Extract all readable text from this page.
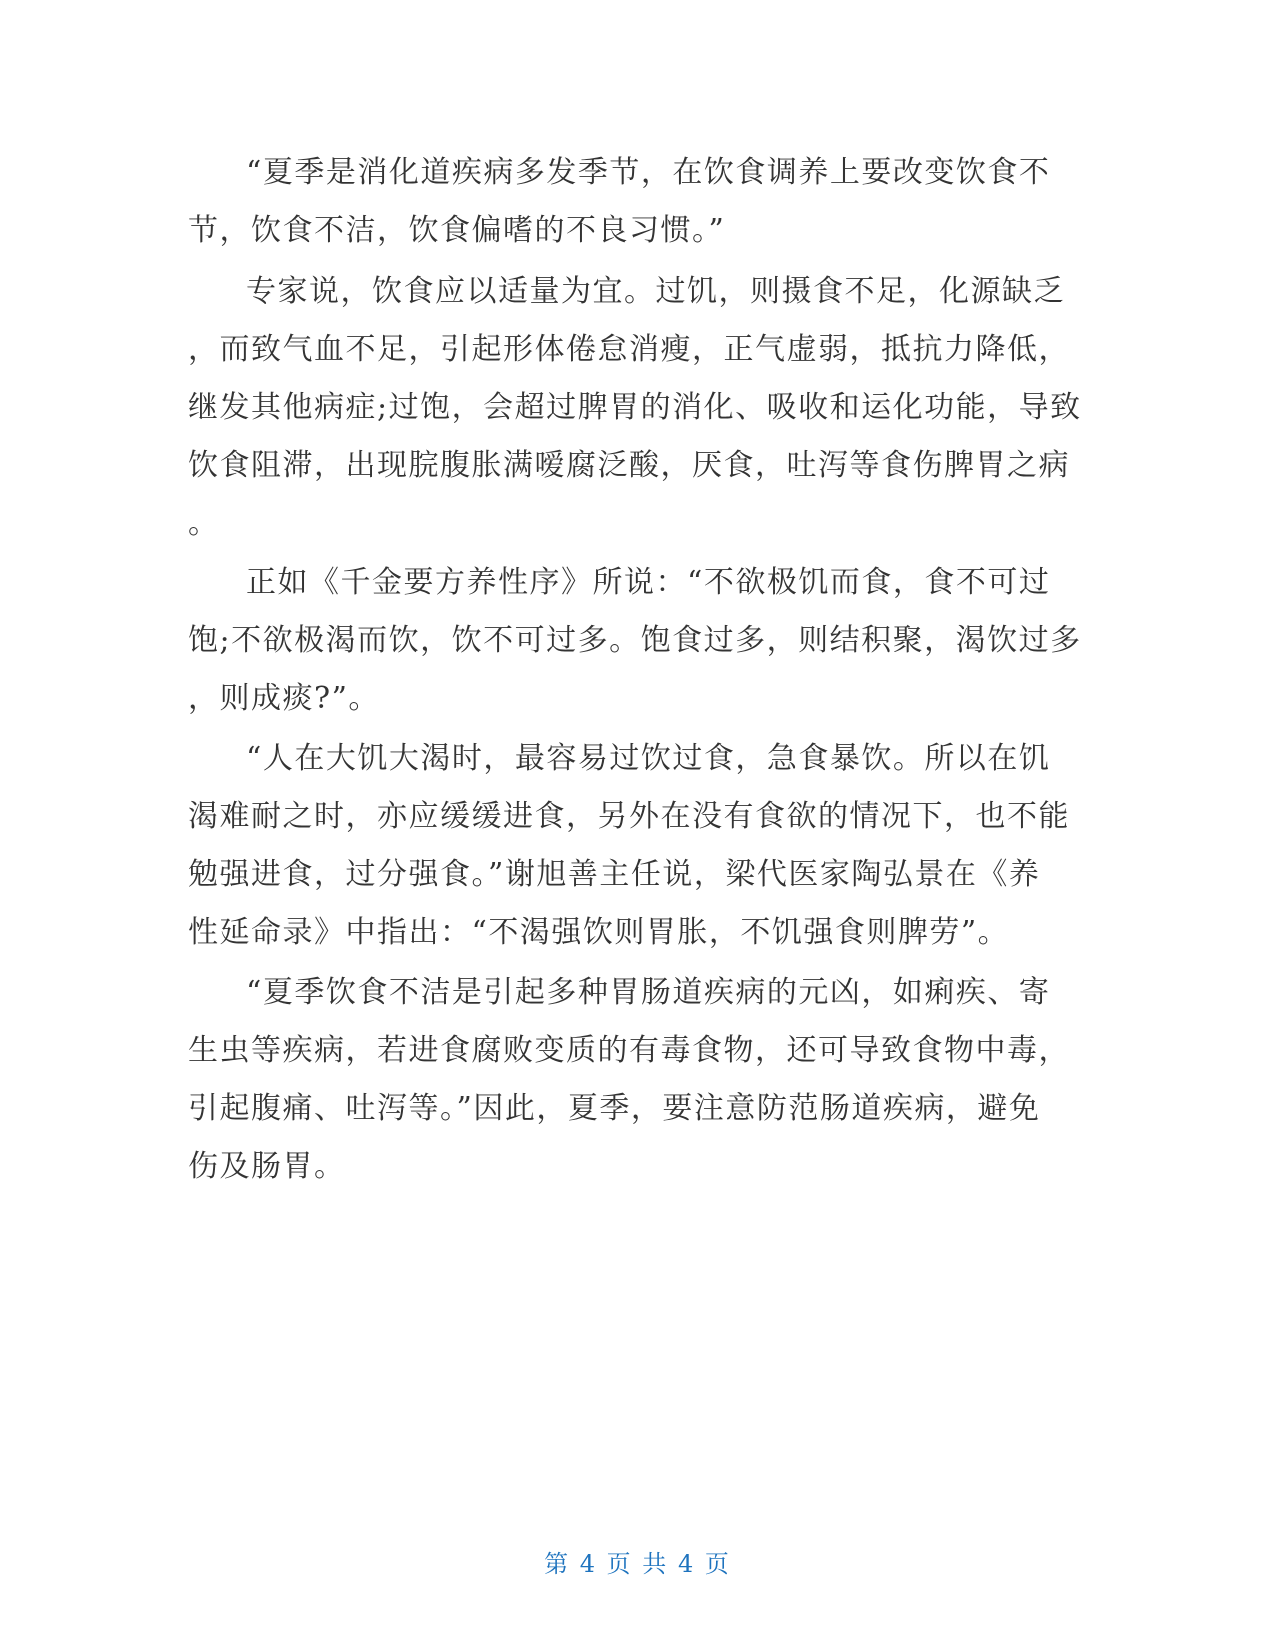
“夏季是消化道疾病多发季节，在饮食调养上要改变饮食不
节，饮食不洁，饮食偏嗜的不良习惯。”
专家说，饮食应以适量为宜。过饥，则摄食不足，化源缺乏
，而致气血不足，引起形体倦怠消瘦，正气虚弱，抵抗力降低，
继发其他病症;过饱，会超过脾胃的消化、吸收和运化功能，导致
饮食阻滞，出现脘腹胀满嗳腐泛酸，厌食，吐泻等食伤脾胃之病
。
正如《千金要方养性序》所说：“不欲极饥而食，食不可过
饱;不欲极渴而饮，饮不可过多。饱食过多，则结积聚，渴饮过多
，则成痰?”。
“人在大饥大渴时，最容易过饮过食，急食暴饮。所以在饥
渴难耐之时，亦应缓缓进食，另外在没有食欲的情况下，也不能
勉强进食，过分强食。”谢旭善主任说，梁代医家陶弘景在《养
性延命录》中指出：“不渴强饮则胃胀，不饥强食则脾劳”。
“夏季饮食不洁是引起多种胃肠道疾病的元凶，如痢疾、寄
生虫等疾病，若进食腐败变质的有毒食物，还可导致食物中毒，
引起腹痛、吐泻等。”因此，夏季，要注意防范肠道疾病，避免
伤及肠胃。
第 4 页 共 4 页
